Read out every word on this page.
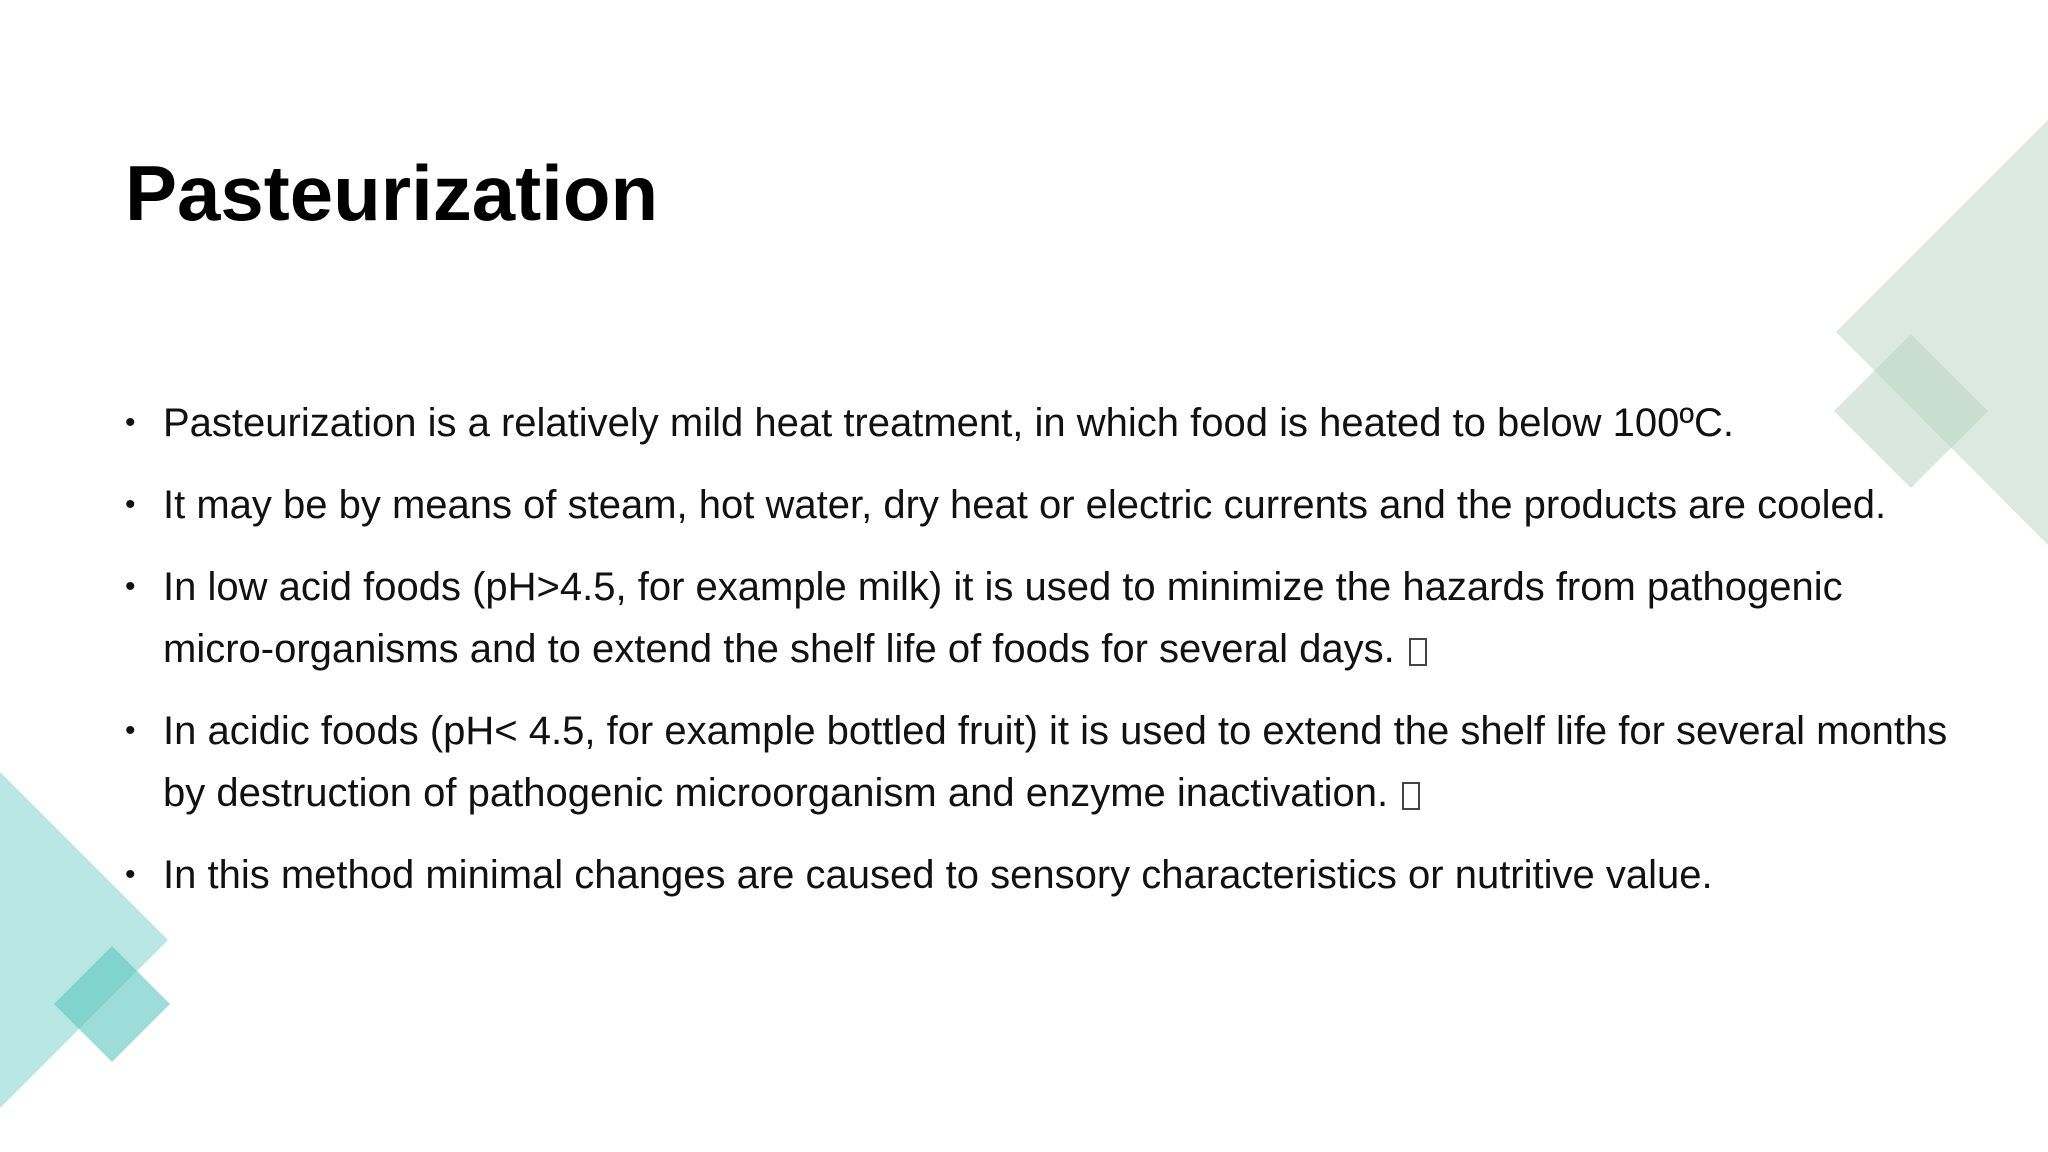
Pasteurization
• Pasteurization is a relatively mild heat treatment, in which food is heated to below 100ºC.
• It may be by means of steam, hot water, dry heat or electric currents and the products are cooled.
• In low acid foods (pH>4.5, for example milk) it is used to minimize the hazards from pathogenic micro-organisms and to extend the shelf life of foods for several days.
• In acidic foods (pH< 4.5, for example bottled fruit) it is used to extend the shelf life for several months by destruction of pathogenic microorganism and enzyme inactivation.
• In this method minimal changes are caused to sensory characteristics or nutritive value.
